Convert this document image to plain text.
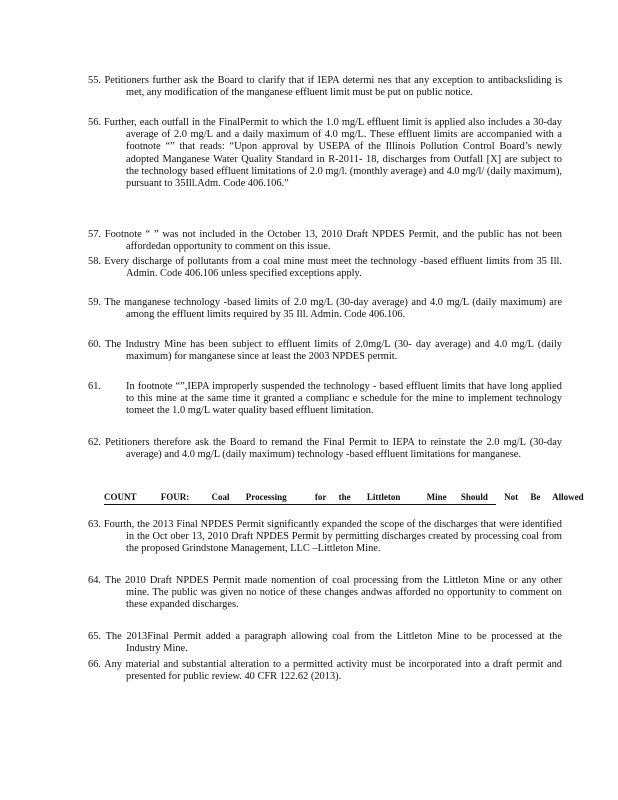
55. Petitioners further ask the Board to clarify that if IEPA determi nes that any exception to antibacksliding is met, any modification of the manganese effluent limit must be put on public notice.
56. Further, each outfall in the FinalPermit to which the 1.0 mg/L effluent limit is applied also includes a 30-day average of 2.0 mg/L and a daily maximum of 4.0 mg/L. These effluent limits are accompanied with a footnote “” that reads: “Upon approval by USEPA of the Illinois Pollution Control Board’s newly adopted Manganese Water Quality Standard in R-2011- 18, discharges from Outfall [X] are subject to the technology based effluent limitations of 2.0 mg/l. (monthly average) and 4.0 mg/l/ (daily maximum), pursuant to 35Ill.Adm. Code 406.106.”
57. Footnote “ ” was not included in the October 13, 2010 Draft NPDES Permit, and the public has not been affordedan opportunity to comment on this issue.
58. Every discharge of pollutants from a coal mine must meet the technology -based effluent limits from 35 Ill. Admin. Code 406.106 unless specified exceptions apply.
59. The manganese technology -based limits of 2.0 mg/L (30-day average) and 4.0 mg/L (daily maximum) are among the effluent limits required by 35 Ill. Admin. Code 406.106.
60. The Industry Mine has been subject to effluent limits of 2.0mg/L (30- day average) and 4.0 mg/L (daily maximum) for manganese since at least the 2003 NPDES permit.
61.	In footnote “”,IEPA improperly suspended the technology - based effluent limits that have long applied to this mine at the same time it granted a complianc e schedule for the mine to implement technology tomeet the 1.0 mg/L water quality based effluent limitation.
62. Petitioners therefore ask the Board to remand the Final Permit to IEPA to reinstate the 2.0 mg/L (30-day average) and 4.0 mg/L (daily maximum) technology -based effluent limitations for manganese.
COUNT	FOUR: Coal Processing	for the Littleton	Mine Should Not Be Allowed
63. Fourth, the 2013 Final NPDES Permit significantly expanded the scope of the discharges that were identified in the Oct ober 13, 2010 Draft NPDES Permit by permitting discharges created by processing coal from the proposed Grindstone Management, LLC –Littleton Mine.
64. The 2010 Draft NPDES Permit made nomention of coal processing from the Littleton Mine or any other mine. The public was given no notice of these changes andwas afforded no opportunity to comment on these expanded discharges.
65. The 2013Final Permit added a paragraph allowing coal from the Littleton Mine to be processed at the Industry Mine.
66. Any material and substantial alteration to a permitted activity must be incorporated into a draft permit and presented for public review. 40 CFR 122.62 (2013).
